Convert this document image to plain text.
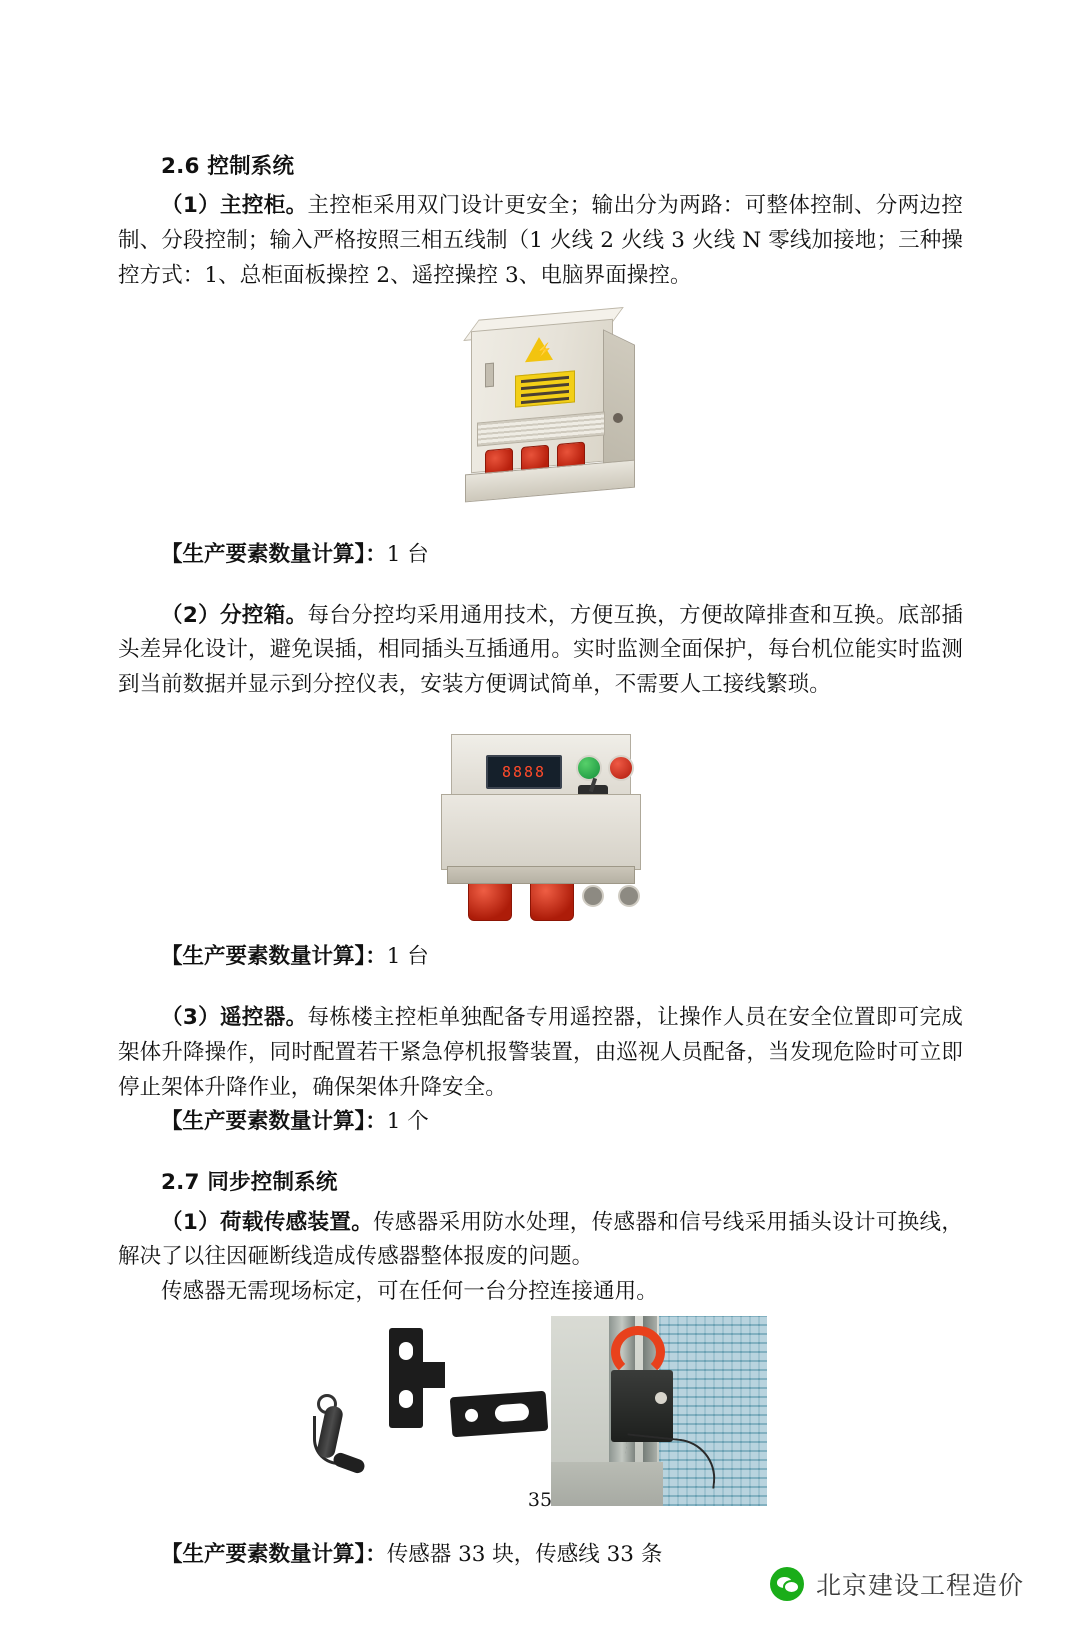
2.6 控制系统

（1）主控柜。主控柜采用双门设计更安全；输出分为两路：可整体控制、分两边控制、分段控制；输入严格按照三相五线制（1 火线 2 火线 3 火线 N 零线加接地；三种操控方式：1、总柜面板操控 2、遥控操控 3、电脑界面操控。

⚡

【生产要素数量计算】：1 台

（2）分控箱。每台分控均采用通用技术，方便互换，方便故障排查和互换。底部插头差异化设计，避免误插，相同插头互插通用。实时监测全面保护，每台机位能实时监测到当前数据并显示到分控仪表，安装方便调试简单，不需要人工接线繁琐。

8888

【生产要素数量计算】：1 台

（3）遥控器。每栋楼主控柜单独配备专用遥控器，让操作人员在安全位置即可完成架体升降操作，同时配置若干紧急停机报警装置，由巡视人员配备，当发现危险时可立即停止架体升降作业，确保架体升降安全。

【生产要素数量计算】：1 个

2.7 同步控制系统

（1）荷载传感装置。传感器采用防水处理，传感器和信号线采用插头设计可换线，解决了以往因砸断线造成传感器整体报废的问题。

传感器无需现场标定，可在任何一台分控连接通用。

【生产要素数量计算】：传感器 33 块，传感线 33 条

35
北京建设工程造价
